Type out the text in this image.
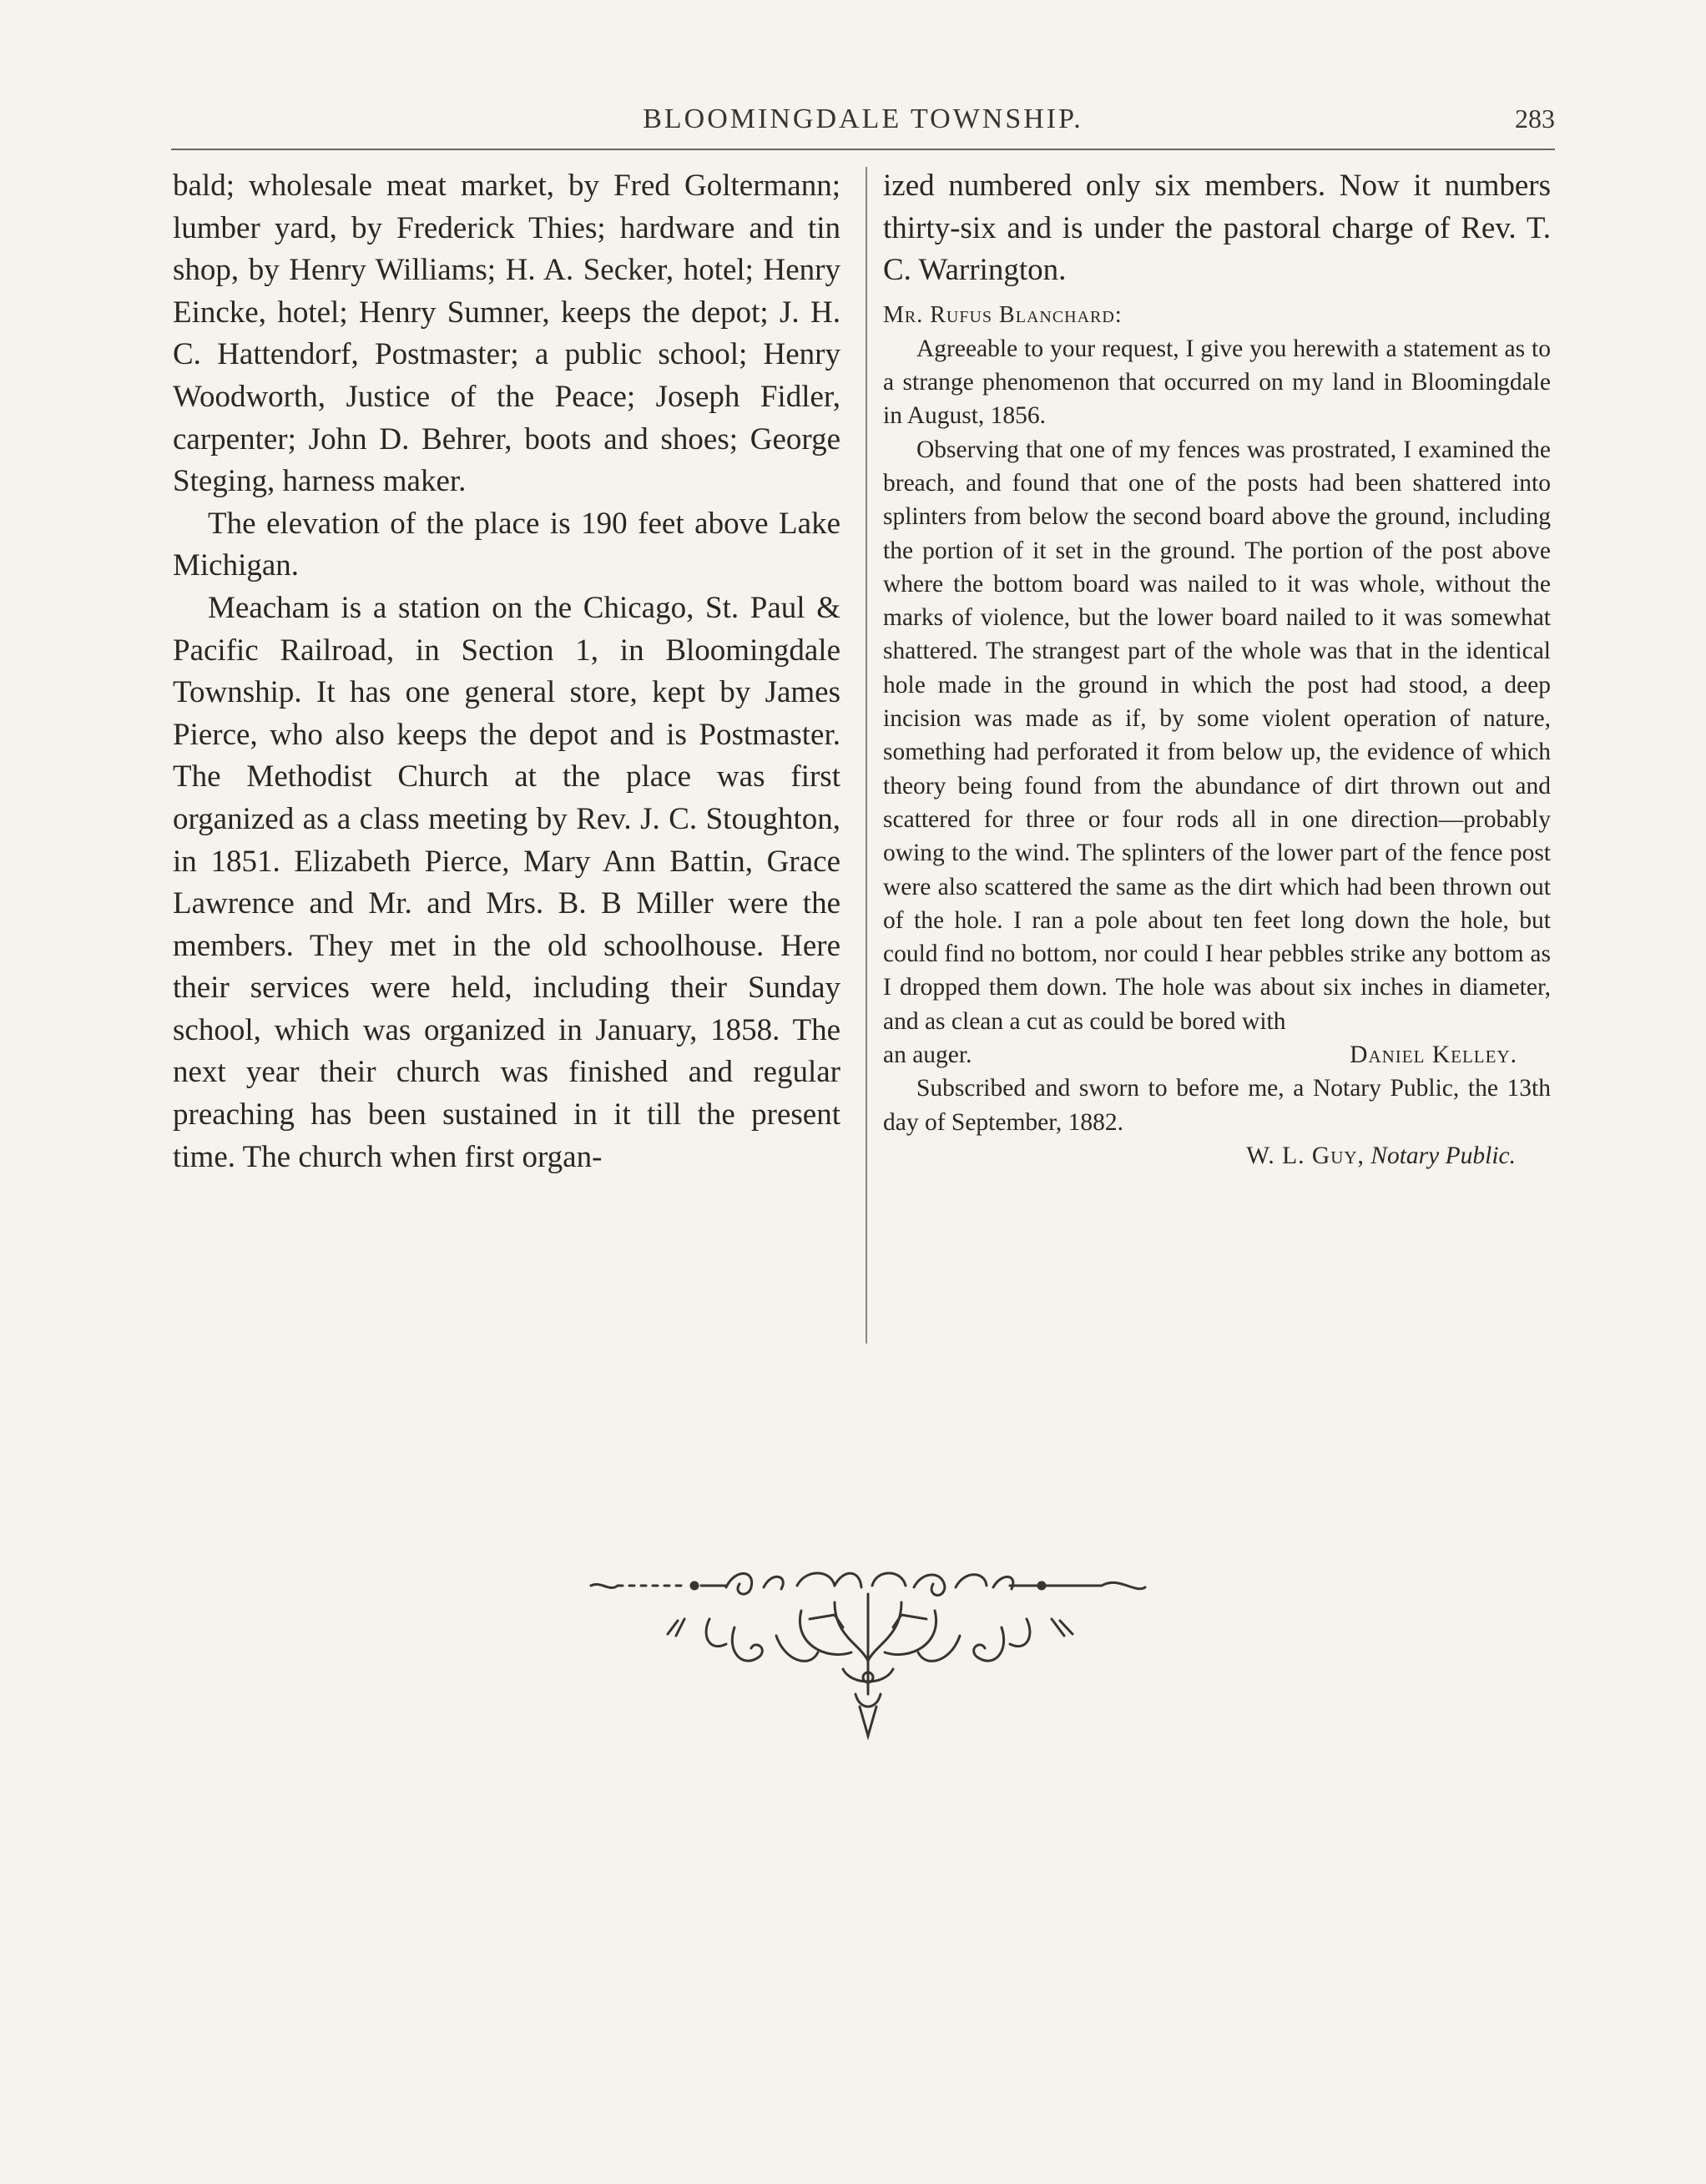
BLOOMINGDALE TOWNSHIP.	283

bald; wholesale meat market, by Fred Goltermann; lumber yard, by Frederick Thies; hardware and tin shop, by Henry Williams; H. A. Secker, hotel; Henry Eincke, hotel; Henry Sumner, keeps the depot; J. H. C. Hattendorf, Postmaster; a public school; Henry Woodworth, Justice of the Peace; Joseph Fidler, carpenter; John D. Behrer, boots and shoes; George Steging, harness maker.

The elevation of the place is 190 feet above Lake Michigan.

Meacham is a station on the Chicago, St. Paul & Pacific Railroad, in Section 1, in Bloomingdale Township. It has one general store, kept by James Pierce, who also keeps the depot and is Postmaster. The Methodist Church at the place was first organized as a class meeting by Rev. J. C. Stoughton, in 1851. Elizabeth Pierce, Mary Ann Battin, Grace Lawrence and Mr. and Mrs. B. B Miller were the members. They met in the old schoolhouse. Here their services were held, including their Sunday school, which was organized in January, 1858. The next year their church was finished and regular preaching has been sustained in it till the present time. The church when first organ-

ized numbered only six members. Now it numbers thirty-six and is under the pastoral charge of Rev. T. C. Warrington.

Mr. Rufus Blanchard:

Agreeable to your request, I give you herewith a statement as to a strange phenomenon that occurred on my land in Bloomingdale in August, 1856.

Observing that one of my fences was prostrated, I examined the breach, and found that one of the posts had been shattered into splinters from below the second board above the ground, including the portion of it set in the ground. The portion of the post above where the bottom board was nailed to it was whole, without the marks of violence, but the lower board nailed to it was somewhat shattered. The strangest part of the whole was that in the identical hole made in the ground in which the post had stood, a deep incision was made as if, by some violent operation of nature, something had perforated it from below up, the evidence of which theory being found from the abundance of dirt thrown out and scattered for three or four rods all in one direction—probably owing to the wind. The splinters of the lower part of the fence post were also scattered the same as the dirt which had been thrown out of the hole. I ran a pole about ten feet long down the hole, but could find no bottom, nor could I hear pebbles strike any bottom as I dropped them down. The hole was about six inches in diameter, and as clean a cut as could be bored with

an auger.	Daniel Kelley.

Subscribed and sworn to before me, a Notary Public, the 13th day of September, 1882.

W. L. Guy, Notary Public.
